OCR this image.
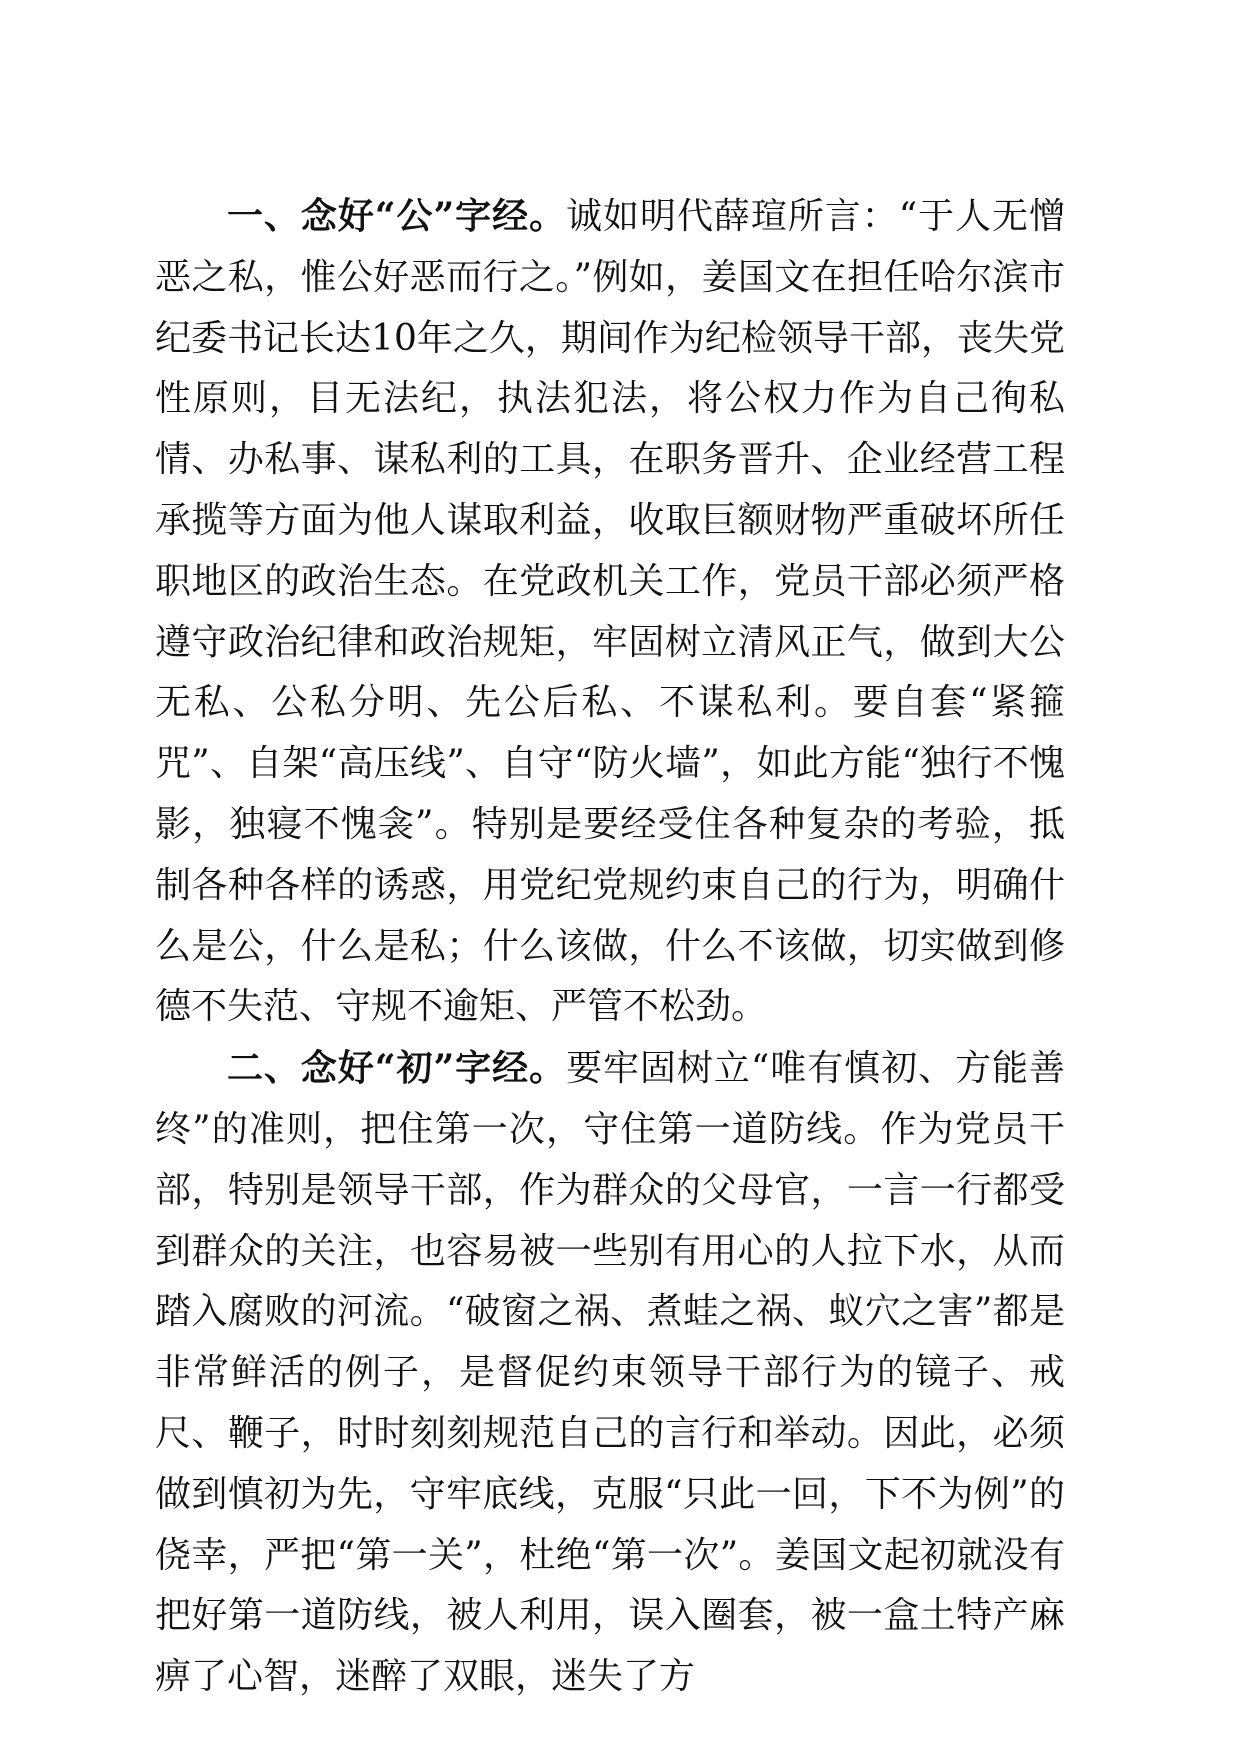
一、念好“公”字经。诚如明代薛瑄所言：“于人无憎恶之私，惟公好恶而行之。”例如，姜国文在担任哈尔滨市纪委书记长达10年之久，期间作为纪检领导干部，丧失党性原则，目无法纪，执法犯法，将公权力作为自己徇私情、办私事、谋私利的工具，在职务晋升、企业经营工程承揽等方面为他人谋取利益，收取巨额财物严重破坏所任职地区的政治生态。在党政机关工作，党员干部必须严格遵守政治纪律和政治规矩，牢固树立清风正气，做到大公无私、公私分明、先公后私、不谋私利。要自套“紧箍咒”、自架“高压线”、自守“防火墙”，如此方能“独行不愧影，独寝不愧衾”。特别是要经受住各种复杂的考验，抵制各种各样的诱惑，用党纪党规约束自己的行为，明确什么是公，什么是私；什么该做，什么不该做，切实做到修德不失范、守规不逾矩、严管不松劲。

二、念好“初”字经。要牢固树立“唯有慎初、方能善终”的准则，把住第一次，守住第一道防线。作为党员干部，特别是领导干部，作为群众的父母官，一言一行都受到群众的关注，也容易被一些别有用心的人拉下水，从而踏入腐败的河流。“破窗之祸、煮蛙之祸、蚁穴之害”都是非常鲜活的例子，是督促约束领导干部行为的镜子、戒尺、鞭子，时时刻刻规范自己的言行和举动。因此，必须做到慎初为先，守牢底线，克服“只此一回，下不为例”的侥幸，严把“第一关”，杜绝“第一次”。姜国文起初就没有把好第一道防线，被人利用，误入圈套，被一盒土特产麻痹了心智，迷醉了双眼，迷失了方
